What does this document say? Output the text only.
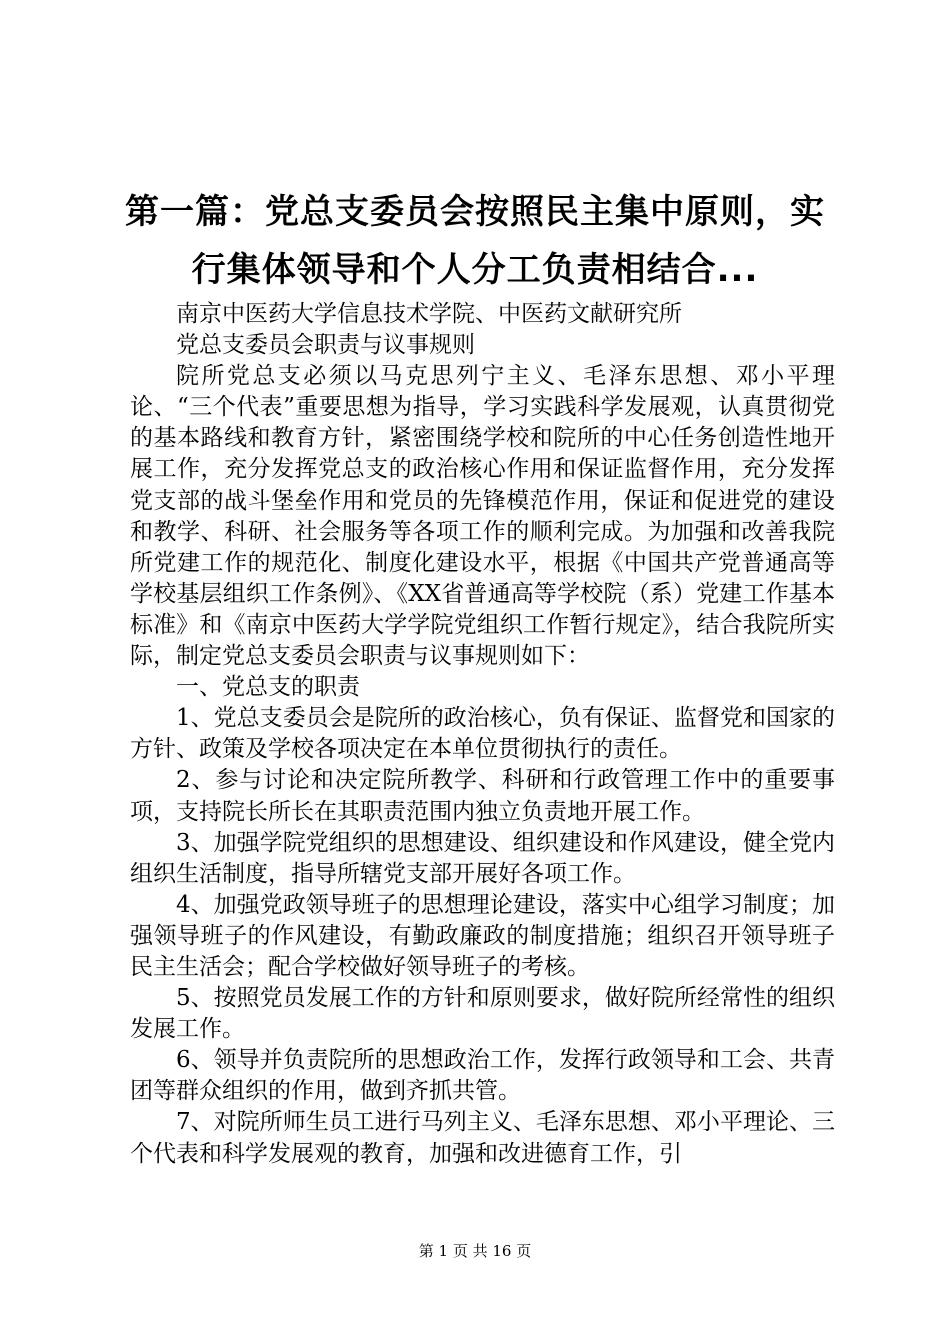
第一篇：党总支委员会按照民主集中原则，实
行集体领导和个人分工负责相结合...

南京中医药大学信息技术学院、中医药文献研究所

党总支委员会职责与议事规则

院所党总支必须以马克思列宁主义、毛泽东思想、邓小平理论、“三个代表”重要思想为指导，学习实践科学发展观，认真贯彻党的基本路线和教育方针，紧密围绕学校和院所的中心任务创造性地开展工作，充分发挥党总支的政治核心作用和保证监督作用，充分发挥党支部的战斗堡垒作用和党员的先锋模范作用，保证和促进党的建设和教学、科研、社会服务等各项工作的顺利完成。为加强和改善我院所党建工作的规范化、制度化建设水平，根据《中国共产党普通高等学校基层组织工作条例》、《XX省普通高等学校院（系）党建工作基本标准》和《南京中医药大学学院党组织工作暂行规定》，结合我院所实际，制定党总支委员会职责与议事规则如下：

一、党总支的职责

1、党总支委员会是院所的政治核心，负有保证、监督党和国家的方针、政策及学校各项决定在本单位贯彻执行的责任。

2、参与讨论和决定院所教学、科研和行政管理工作中的重要事项，支持院长所长在其职责范围内独立负责地开展工作。

3、加强学院党组织的思想建设、组织建设和作风建设，健全党内组织生活制度，指导所辖党支部开展好各项工作。

4、加强党政领导班子的思想理论建设，落实中心组学习制度；加强领导班子的作风建设，有勤政廉政的制度措施；组织召开领导班子民主生活会；配合学校做好领导班子的考核。

5、按照党员发展工作的方针和原则要求，做好院所经常性的组织发展工作。

6、领导并负责院所的思想政治工作，发挥行政领导和工会、共青团等群众组织的作用，做到齐抓共管。

7、对院所师生员工进行马列主义、毛泽东思想、邓小平理论、三个代表和科学发展观的教育，加强和改进德育工作，引

第 1 页 共 16 页
